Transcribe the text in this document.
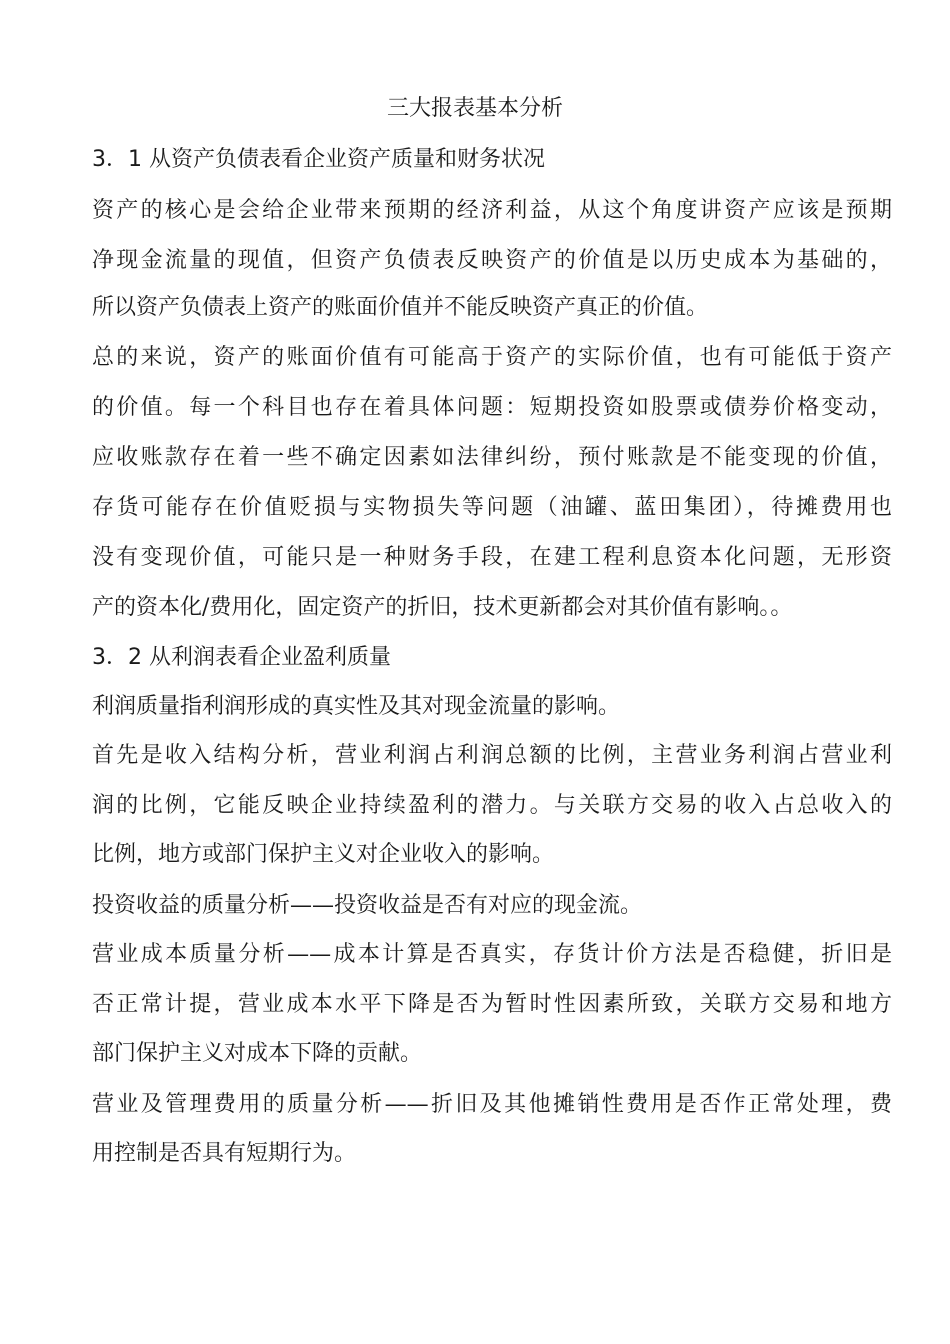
三大报表基本分析
3．1 从资产负债表看企业资产质量和财务状况
资产的核心是会给企业带来预期的经济利益，从这个角度讲资产应该是预期
净现金流量的现值，但资产负债表反映资产的价值是以历史成本为基础的，
所以资产负债表上资产的账面价值并不能反映资产真正的价值。
总的来说，资产的账面价值有可能高于资产的实际价值，也有可能低于资产
的价值。每一个科目也存在着具体问题：短期投资如股票或债券价格变动，
应收账款存在着一些不确定因素如法律纠纷，预付账款是不能变现的价值，
存货可能存在价值贬损与实物损失等问题（油罐、蓝田集团），待摊费用也
没有变现价值，可能只是一种财务手段，在建工程利息资本化问题，无形资
产的资本化/费用化，固定资产的折旧，技术更新都会对其价值有影响。。
3．2 从利润表看企业盈利质量
利润质量指利润形成的真实性及其对现金流量的影响。
首先是收入结构分析，营业利润占利润总额的比例，主营业务利润占营业利
润的比例，它能反映企业持续盈利的潜力。与关联方交易的收入占总收入的
比例，地方或部门保护主义对企业收入的影响。
投资收益的质量分析——投资收益是否有对应的现金流。
营业成本质量分析——成本计算是否真实，存货计价方法是否稳健，折旧是
否正常计提，营业成本水平下降是否为暂时性因素所致，关联方交易和地方
部门保护主义对成本下降的贡献。
营业及管理费用的质量分析——折旧及其他摊销性费用是否作正常处理，费
用控制是否具有短期行为。
